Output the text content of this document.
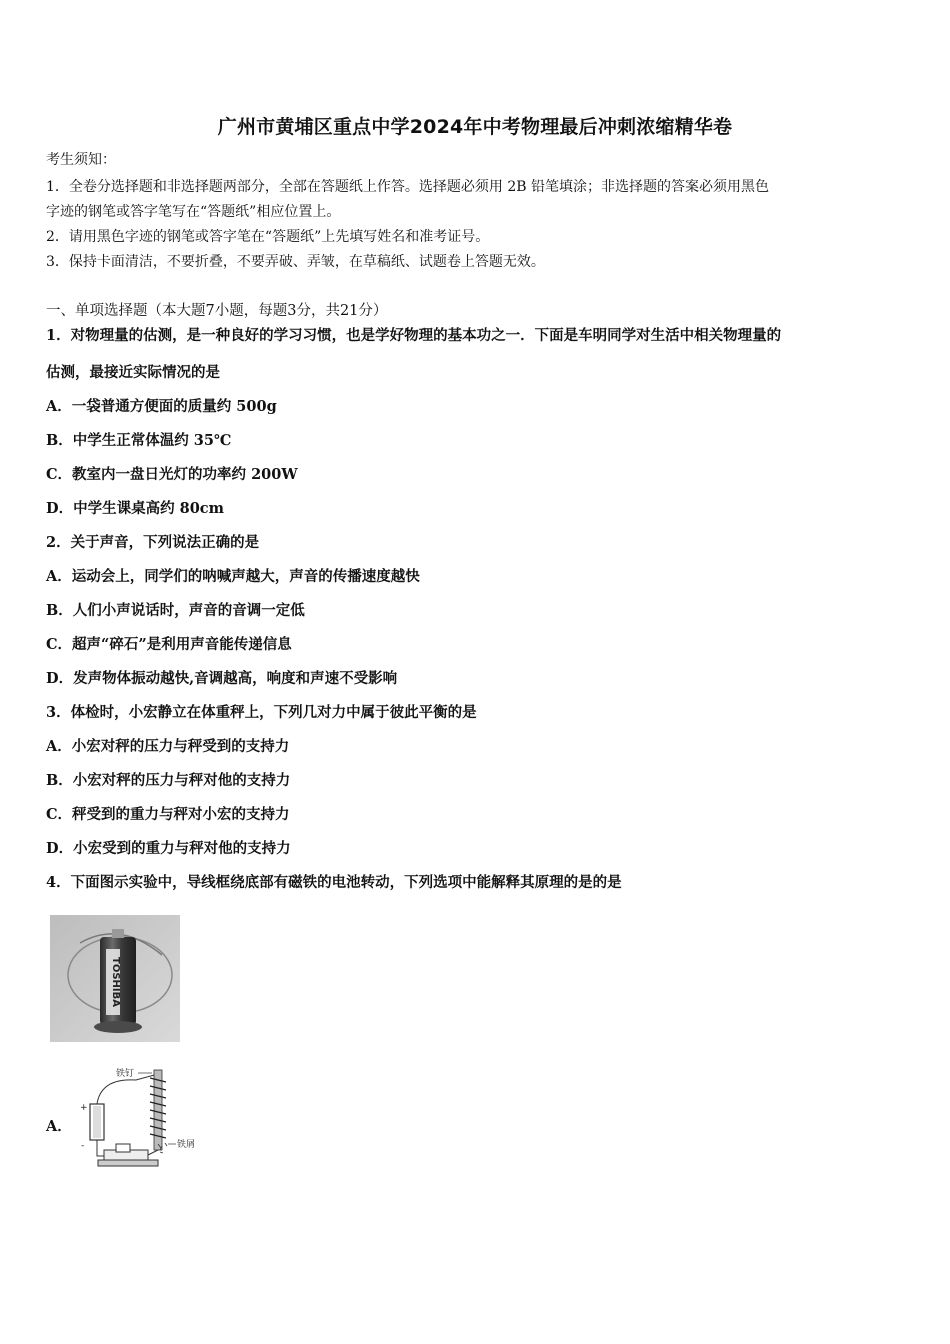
广州市黄埔区重点中学2024年中考物理最后冲刺浓缩精华卷
考生须知：
1．全卷分选择题和非选择题两部分，全部在答题纸上作答。选择题必须用 2B 铅笔填涂；非选择题的答案必须用黑色
字迹的钢笔或答字笔写在“答题纸”相应位置上。
2．请用黑色字迹的钢笔或答字笔在“答题纸”上先填写姓名和准考证号。
3．保持卡面清洁，不要折叠，不要弄破、弄皱，在草稿纸、试题卷上答题无效。
一、单项选择题（本大题7小题，每题3分，共21分）
1．对物理量的估测，是一种良好的学习习惯，也是学好物理的基本功之一．下面是车明同学对生活中相关物理量的
估测，最接近实际情况的是
A．一袋普通方便面的质量约 500g
B．中学生正常体温约 35℃
C．教室内一盘日光灯的功率约 200W
D．中学生课桌高约 80cm
2．关于声音，下列说法正确的是
A．运动会上，同学们的呐喊声越大，声音的传播速度越快
B．人们小声说话时，声音的音调一定低
C．超声“碎石”是利用声音能传递信息
D．发声物体振动越快,音调越高，响度和声速不受影响
3．体检时，小宏静立在体重秤上，下列几对力中属于彼此平衡的是
A．小宏对秤的压力与秤受到的支持力
B．小宏对秤的压力与秤对他的支持力
C．秤受到的重力与秤对小宏的支持力
D．小宏受到的重力与秤对他的支持力
4．下面图示实验中，导线框绕底部有磁铁的电池转动，下列选项中能解释其原理的是的是
TOSHIBA
A．
+
-
铁钉
铁屑
